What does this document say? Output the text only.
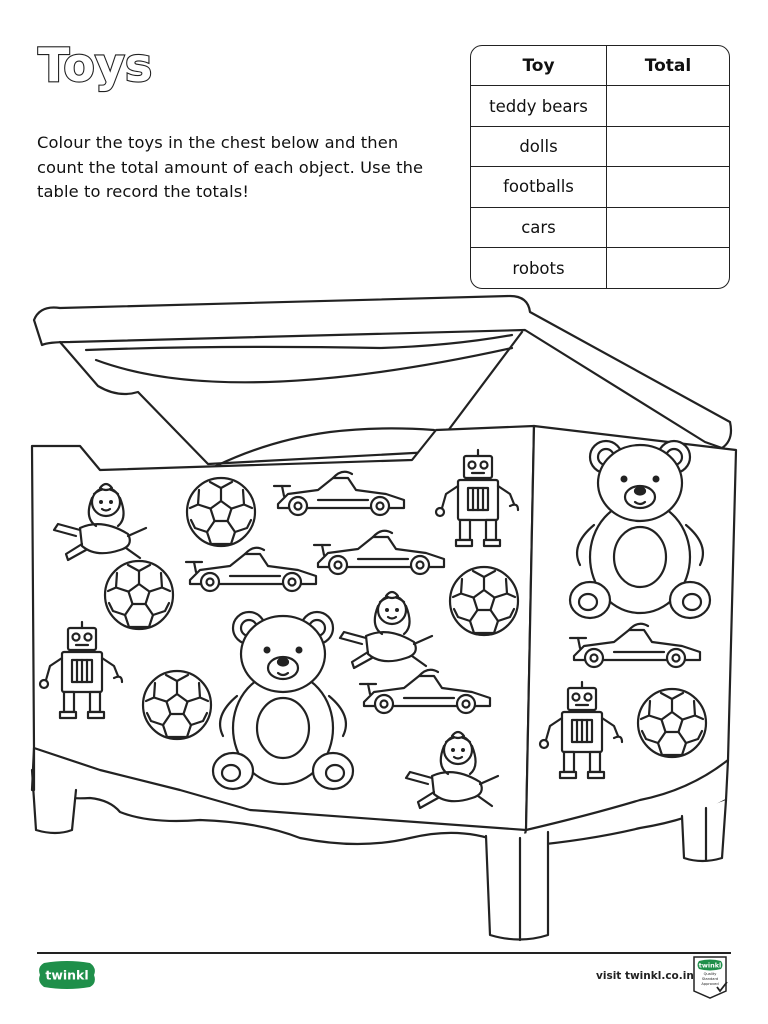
Toys

Colour the toys in the chest below and then count the total amount of each object. Use the table to record the totals!

Toy	Total
teddy bears
dolls
footballs
cars
robots
twinkl	visit twinkl.co.in
twinkl
Quality Standard Approved
